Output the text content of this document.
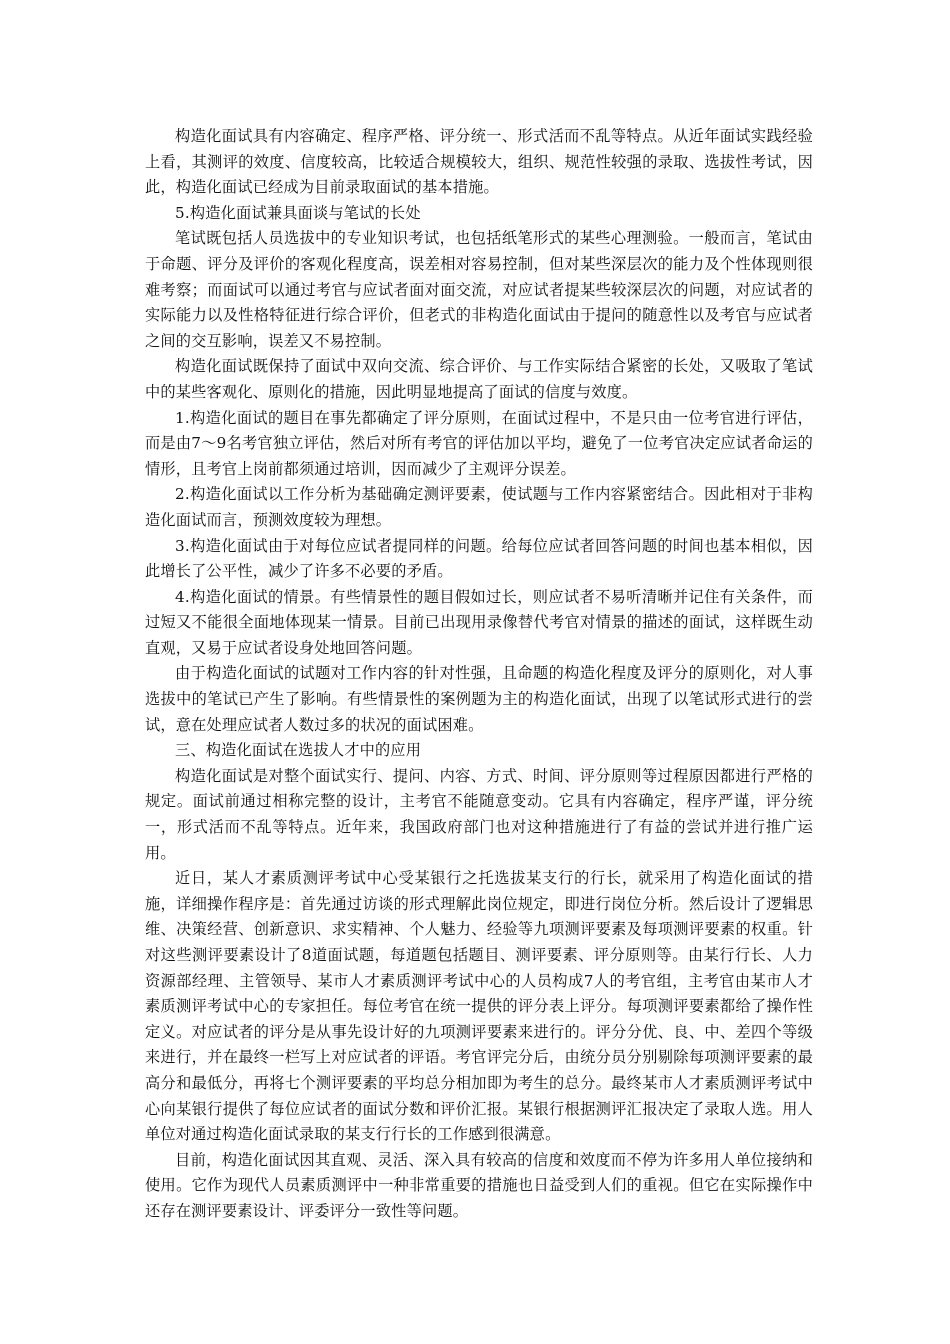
构造化面试具有内容确定、程序严格、评分统一、形式活而不乱等特点。从近年面试实践经验上看，其测评的效度、信度较高，比较适合规模较大，组织、规范性较强的录取、选拔性考试，因此，构造化面试已经成为目前录取面试的基本措施。

5.构造化面试兼具面谈与笔试的长处

笔试既包括人员选拔中的专业知识考试，也包括纸笔形式的某些心理测验。一般而言，笔试由于命题、评分及评价的客观化程度高，误差相对容易控制，但对某些深层次的能力及个性体现则很难考察；而面试可以通过考官与应试者面对面交流，对应试者提某些较深层次的问题，对应试者的实际能力以及性格特征进行综合评价，但老式的非构造化面试由于提问的随意性以及考官与应试者之间的交互影响，误差又不易控制。

构造化面试既保持了面试中双向交流、综合评价、与工作实际结合紧密的长处，又吸取了笔试中的某些客观化、原则化的措施，因此明显地提高了面试的信度与效度。

1.构造化面试的题目在事先都确定了评分原则，在面试过程中，不是只由一位考官进行评估，而是由7～9名考官独立评估，然后对所有考官的评估加以平均，避免了一位考官决定应试者命运的情形，且考官上岗前都须通过培训，因而减少了主观评分误差。

2.构造化面试以工作分析为基础确定测评要素，使试题与工作内容紧密结合。因此相对于非构造化面试而言，预测效度较为理想。

3.构造化面试由于对每位应试者提同样的问题。给每位应试者回答问题的时间也基本相似，因此增长了公平性，减少了许多不必要的矛盾。

4.构造化面试的情景。有些情景性的题目假如过长，则应试者不易听清晰并记住有关条件，而过短又不能很全面地体现某一情景。目前已出现用录像替代考官对情景的描述的面试，这样既生动直观，又易于应试者设身处地回答问题。

由于构造化面试的试题对工作内容的针对性强，且命题的构造化程度及评分的原则化，对人事选拔中的笔试已产生了影响。有些情景性的案例题为主的构造化面试，出现了以笔试形式进行的尝试，意在处理应试者人数过多的状况的面试困难。

三、构造化面试在选拔人才中的应用

构造化面试是对整个面试实行、提问、内容、方式、时间、评分原则等过程原因都进行严格的规定。面试前通过相称完整的设计，主考官不能随意变动。它具有内容确定，程序严谨，评分统一，形式活而不乱等特点。近年来，我国政府部门也对这种措施进行了有益的尝试并进行推广运用。

近日，某人才素质测评考试中心受某银行之托选拔某支行的行长，就采用了构造化面试的措施，详细操作程序是：首先通过访谈的形式理解此岗位规定，即进行岗位分析。然后设计了逻辑思维、决策经营、创新意识、求实精神、个人魅力、经验等九项测评要素及每项测评要素的权重。针对这些测评要素设计了8道面试题，每道题包括题目、测评要素、评分原则等。由某行行长、人力资源部经理、主管领导、某市人才素质测评考试中心的人员构成7人的考官组，主考官由某市人才素质测评考试中心的专家担任。每位考官在统一提供的评分表上评分。每项测评要素都给了操作性定义。对应试者的评分是从事先设计好的九项测评要素来进行的。评分分优、良、中、差四个等级来进行，并在最终一栏写上对应试者的评语。考官评完分后，由统分员分别剔除每项测评要素的最高分和最低分，再将七个测评要素的平均总分相加即为考生的总分。最终某市人才素质测评考试中心向某银行提供了每位应试者的面试分数和评价汇报。某银行根据测评汇报决定了录取人选。用人单位对通过构造化面试录取的某支行行长的工作感到很满意。

目前，构造化面试因其直观、灵活、深入具有较高的信度和效度而不停为许多用人单位接纳和使用。它作为现代人员素质测评中一种非常重要的措施也日益受到人们的重视。但它在实际操作中还存在测评要素设计、评委评分一致性等问题。
